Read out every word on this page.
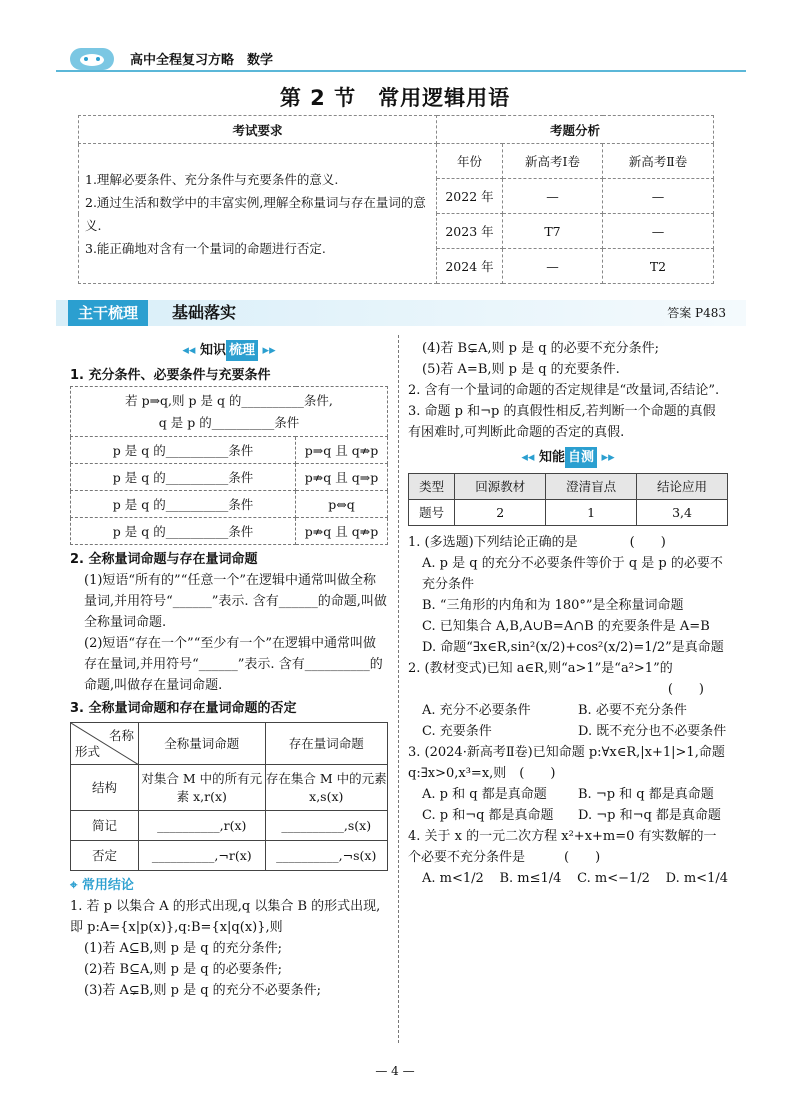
高中全程复习方略　数学
第 2 节　常用逻辑用语
考试要求	考题分析		

1.理解必要条件、充分条件与充要条件的意义.
2.通过生活和数学中的丰富实例,理解全称量词与存在量词的意义.
3.能正确地对含有一个量词的命题进行否定.	年份	新高考Ⅰ卷	新高考Ⅱ卷
	2022 年	—	—
	2023 年	T7	—
	2024 年	—	T2
主干梳理	基础落实	答案 P483
◂◂ 知识 梳理 ▸▸
1. 充分条件、必要条件与充要条件
若 p⇒q,则 p 是 q 的__________条件,
q 是 p 的__________条件	

p 是 q 的__________条件	p⇒q 且 q⇏p
p 是 q 的__________条件	p⇏q 且 q⇒p
p 是 q 的__________条件	p⇔q
p 是 q 的__________条件	p⇏q 且 q⇏p
2. 全称量词命题与存在量词命题
(1)短语“所有的”“任意一个”在逻辑中通常叫做全称量词,并用符号“______”表示. 含有______的命题,叫做全称量词命题.
(2)短语“存在一个”“至少有一个”在逻辑中通常叫做存在量词,并用符号“______”表示. 含有__________的命题,叫做存在量词命题.
3. 全称量词命题和存在量词命题的否定
名称
形式	全称量词命题	存在量词命题
结构	对集合 M 中的所有元素 x,r(x)	存在集合 M 中的元素 x,s(x)
简记	__________,r(x)	__________,s(x)
否定	__________,¬r(x)	__________,¬s(x)
⌖ 常用结论
1. 若 p 以集合 A 的形式出现,q 以集合 B 的形式出现,即 p:A={x|p(x)},q:B={x|q(x)},则
(1)若 A⊆B,则 p 是 q 的充分条件;
(2)若 B⊆A,则 p 是 q 的必要条件;
(3)若 A⊊B,则 p 是 q 的充分不必要条件;
(4)若 B⊊A,则 p 是 q 的必要不充分条件;
(5)若 A=B,则 p 是 q 的充要条件.
2. 含有一个量词的命题的否定规律是“改量词,否结论”.
3. 命题 p 和¬p 的真假性相反,若判断一个命题的真假有困难时,可判断此命题的否定的真假.
◂◂ 知能 自测 ▸▸
类型	回源教材	澄清盲点	结论应用
题号	2	1	3,4
1. (多选题)下列结论正确的是　　　　(　　)
A. p 是 q 的充分不必要条件等价于 q 是 p 的必要不充分条件
B. “三角形的内角和为 180°”是全称量词命题
C. 已知集合 A,B,A∪B=A∩B 的充要条件是 A=B
D. 命题“∃x∈R,sin²(x/2)+cos²(x/2)=1/2”是真命题
2. (教材变式)已知 a∈R,则“a>1”是“a²>1”的
(　　)
A. 充分不必要条件	B. 必要不充分条件
C. 充要条件	D. 既不充分也不必要条件
3. (2024·新高考Ⅱ卷)已知命题 p:∀x∈R,|x+1|>1,命题 q:∃x>0,x³=x,则　(　　)
A. p 和 q 都是真命题 B. ¬p 和 q 都是真命题
C. p 和¬q 都是真命题 D. ¬p 和¬q 都是真命题
4. 关于 x 的一元二次方程 x²+x+m=0 有实数解的一个必要不充分条件是　　　(　　)
A. m<1/2 B. m≤1/4 C. m<−1/2 D. m<1/4
— 4 —
